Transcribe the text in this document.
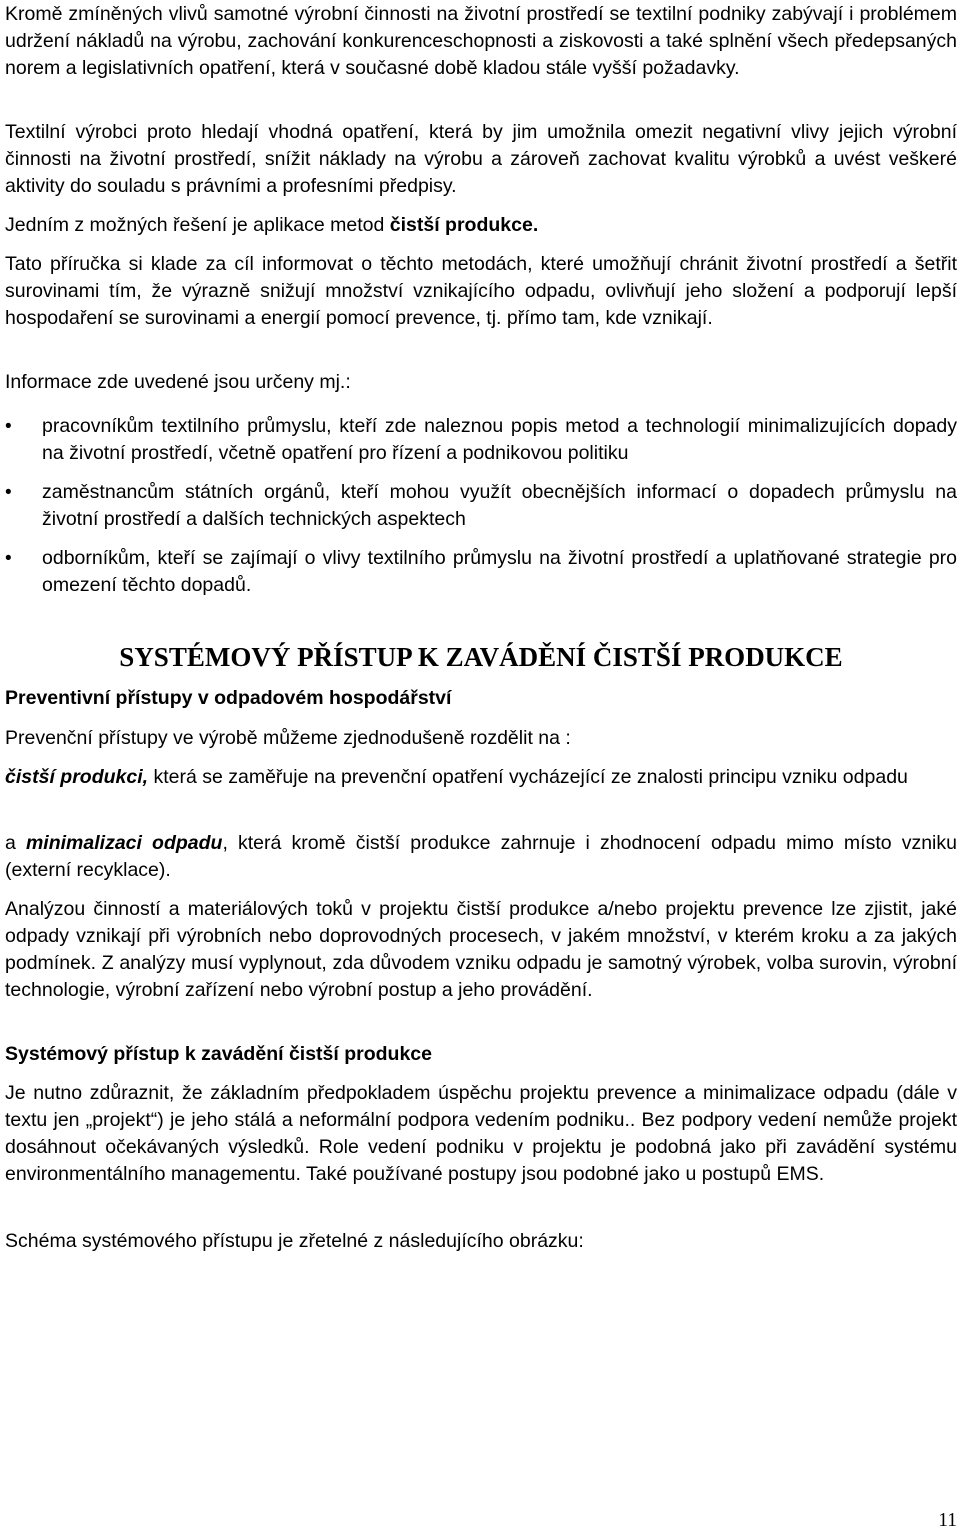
Kromě zmíněných vlivů samotné výrobní činnosti na životní prostředí se textilní podniky zabývají i problémem udržení nákladů na výrobu, zachování konkurenceschopnosti a ziskovosti a také splnění všech předepsaných norem a legislativních opatření, která v současné době kladou stále vyšší požadavky.

Textilní výrobci proto hledají vhodná opatření, která by jim umožnila omezit negativní vlivy jejich výrobní činnosti na životní prostředí, snížit náklady na výrobu a zároveň zachovat kvalitu výrobků a uvést veškeré aktivity do souladu s právními a profesními předpisy.

Jedním z možných řešení je aplikace metod čistší produkce.

Tato příručka si klade za cíl informovat o těchto metodách, které umožňují chránit životní prostředí a šetřit surovinami tím, že výrazně snižují množství vznikajícího odpadu, ovlivňují jeho složení a podporují lepší hospodaření se surovinami a energií pomocí prevence, tj. přímo tam, kde vznikají.

Informace zde uvedené jsou určeny mj.:

•	pracovníkům textilního průmyslu, kteří zde naleznou popis metod a technologií minimalizujících dopady na životní prostředí, včetně opatření pro řízení a podnikovou politiku
•	zaměstnancům státních orgánů, kteří mohou využít obecnějších informací o dopadech průmyslu na životní prostředí a dalších technických aspektech
•	odborníkům, kteří se zajímají o vlivy textilního průmyslu na životní prostředí a uplatňované strategie pro omezení těchto dopadů.
SYSTÉMOVÝ PŘÍSTUP K ZAVÁDĚNÍ ČISTŠÍ PRODUKCE
Preventivní přístupy v odpadovém hospodářství

Prevenční přístupy ve výrobě můžeme zjednodušeně rozdělit na :

čistší produkci, která se zaměřuje na prevenční opatření vycházející ze znalosti principu vzniku odpadu

a minimalizaci odpadu, která kromě čistší produkce zahrnuje i zhodnocení odpadu mimo místo vzniku (externí recyklace).

Analýzou činností a materiálových toků v projektu čistší produkce a/nebo projektu prevence lze zjistit, jaké odpady vznikají při výrobních nebo doprovodných procesech, v jakém množství, v kterém kroku a za jakých podmínek. Z analýzy musí vyplynout, zda důvodem vzniku odpadu je samotný výrobek, volba surovin, výrobní technologie, výrobní zařízení nebo výrobní postup a jeho provádění.

Systémový přístup k zavádění čistší produkce

Je nutno zdůraznit, že základním předpokladem úspěchu projektu prevence a minimalizace odpadu (dále v textu jen „projekt“) je jeho stálá a neformální podpora vedením podniku.. Bez podpory vedení nemůže projekt dosáhnout očekávaných výsledků. Role vedení podniku v projektu je podobná jako při zavádění systému environmentálního managementu. Také používané postupy jsou podobné jako u postupů EMS.

Schéma systémového přístupu je zřetelné z následujícího obrázku:

11
